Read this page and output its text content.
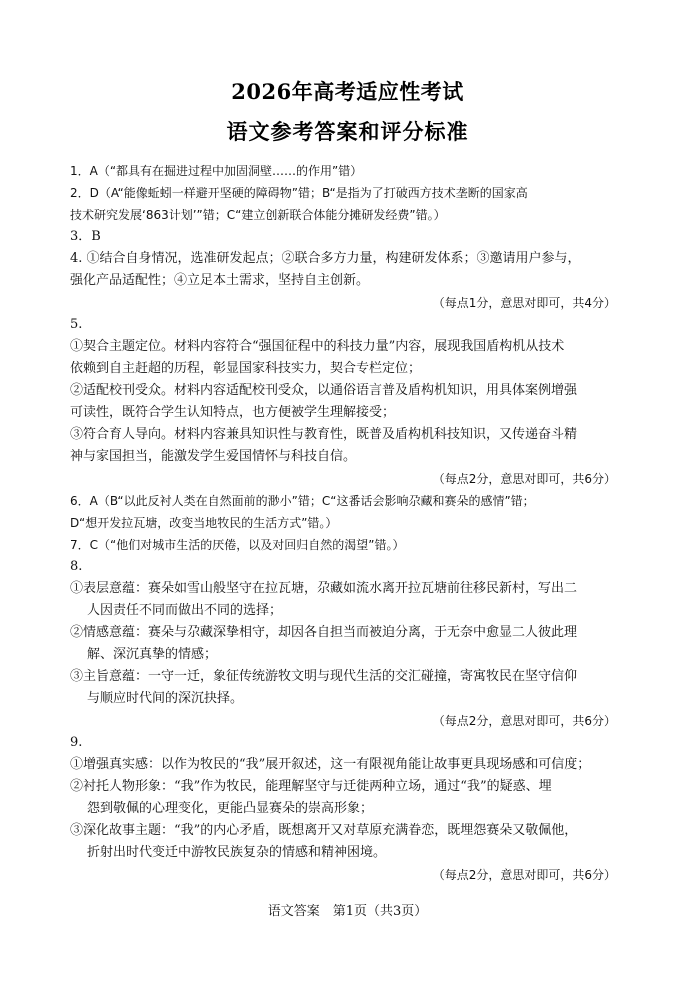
2026年高考适应性考试
语文参考答案和评分标准
1．A（“都具有在掘进过程中加固洞壁……的作用”错）
2．D（A“能像蚯蚓一样避开坚硬的障碍物”错；B“是指为了打破西方技术垄断的国家高
技术研究发展‘863计划’”错；C“建立创新联合体能分摊研发经费”错。）
3．B
4. ①结合自身情况，选准研发起点；②联合多方力量，构建研发体系；③邀请用户参与，
强化产品适配性；④立足本土需求，坚持自主创新。
（每点1分，意思对即可，共4分）
5.
①契合主题定位。材料内容符合“强国征程中的科技力量”内容，展现我国盾构机从技术
依赖到自主赶超的历程，彰显国家科技实力，契合专栏定位；
②适配校刊受众。材料内容适配校刊受众，以通俗语言普及盾构机知识，用具体案例增强
可读性，既符合学生认知特点，也方便被学生理解接受；
③符合育人导向。材料内容兼具知识性与教育性，既普及盾构机科技知识，又传递奋斗精
神与家国担当，能激发学生爱国情怀与科技自信。
（每点2分，意思对即可，共6分）
6．A（B“以此反衬人类在自然面前的渺小”错；C“这番话会影响尕藏和赛朵的感情”错；
D“想开发拉瓦塘，改变当地牧民的生活方式”错。）
7．C（“他们对城市生活的厌倦，以及对回归自然的渴望”错。）
8.
①表层意蕴：赛朵如雪山般坚守在拉瓦塘，尕藏如流水离开拉瓦塘前往移民新村，写出二
人因责任不同而做出不同的选择；
②情感意蕴：赛朵与尕藏深挚相守，却因各自担当而被迫分离，于无奈中愈显二人彼此理
解、深沉真挚的情感；
③主旨意蕴：一守一迁，象征传统游牧文明与现代生活的交汇碰撞，寄寓牧民在坚守信仰
与顺应时代间的深沉抉择。
（每点2分，意思对即可，共6分）
9.
①增强真实感：以作为牧民的“我”展开叙述，这一有限视角能让故事更具现场感和可信度；
②衬托人物形象：“我”作为牧民，能理解坚守与迁徙两种立场，通过“我”的疑惑、埋
怨到敬佩的心理变化，更能凸显赛朵的崇高形象；
③深化故事主题：“我”的内心矛盾，既想离开又对草原充满眷恋，既埋怨赛朵又敬佩他，
折射出时代变迁中游牧民族复杂的情感和精神困境。
（每点2分，意思对即可，共6分）
语文答案　第1页（共3页）
